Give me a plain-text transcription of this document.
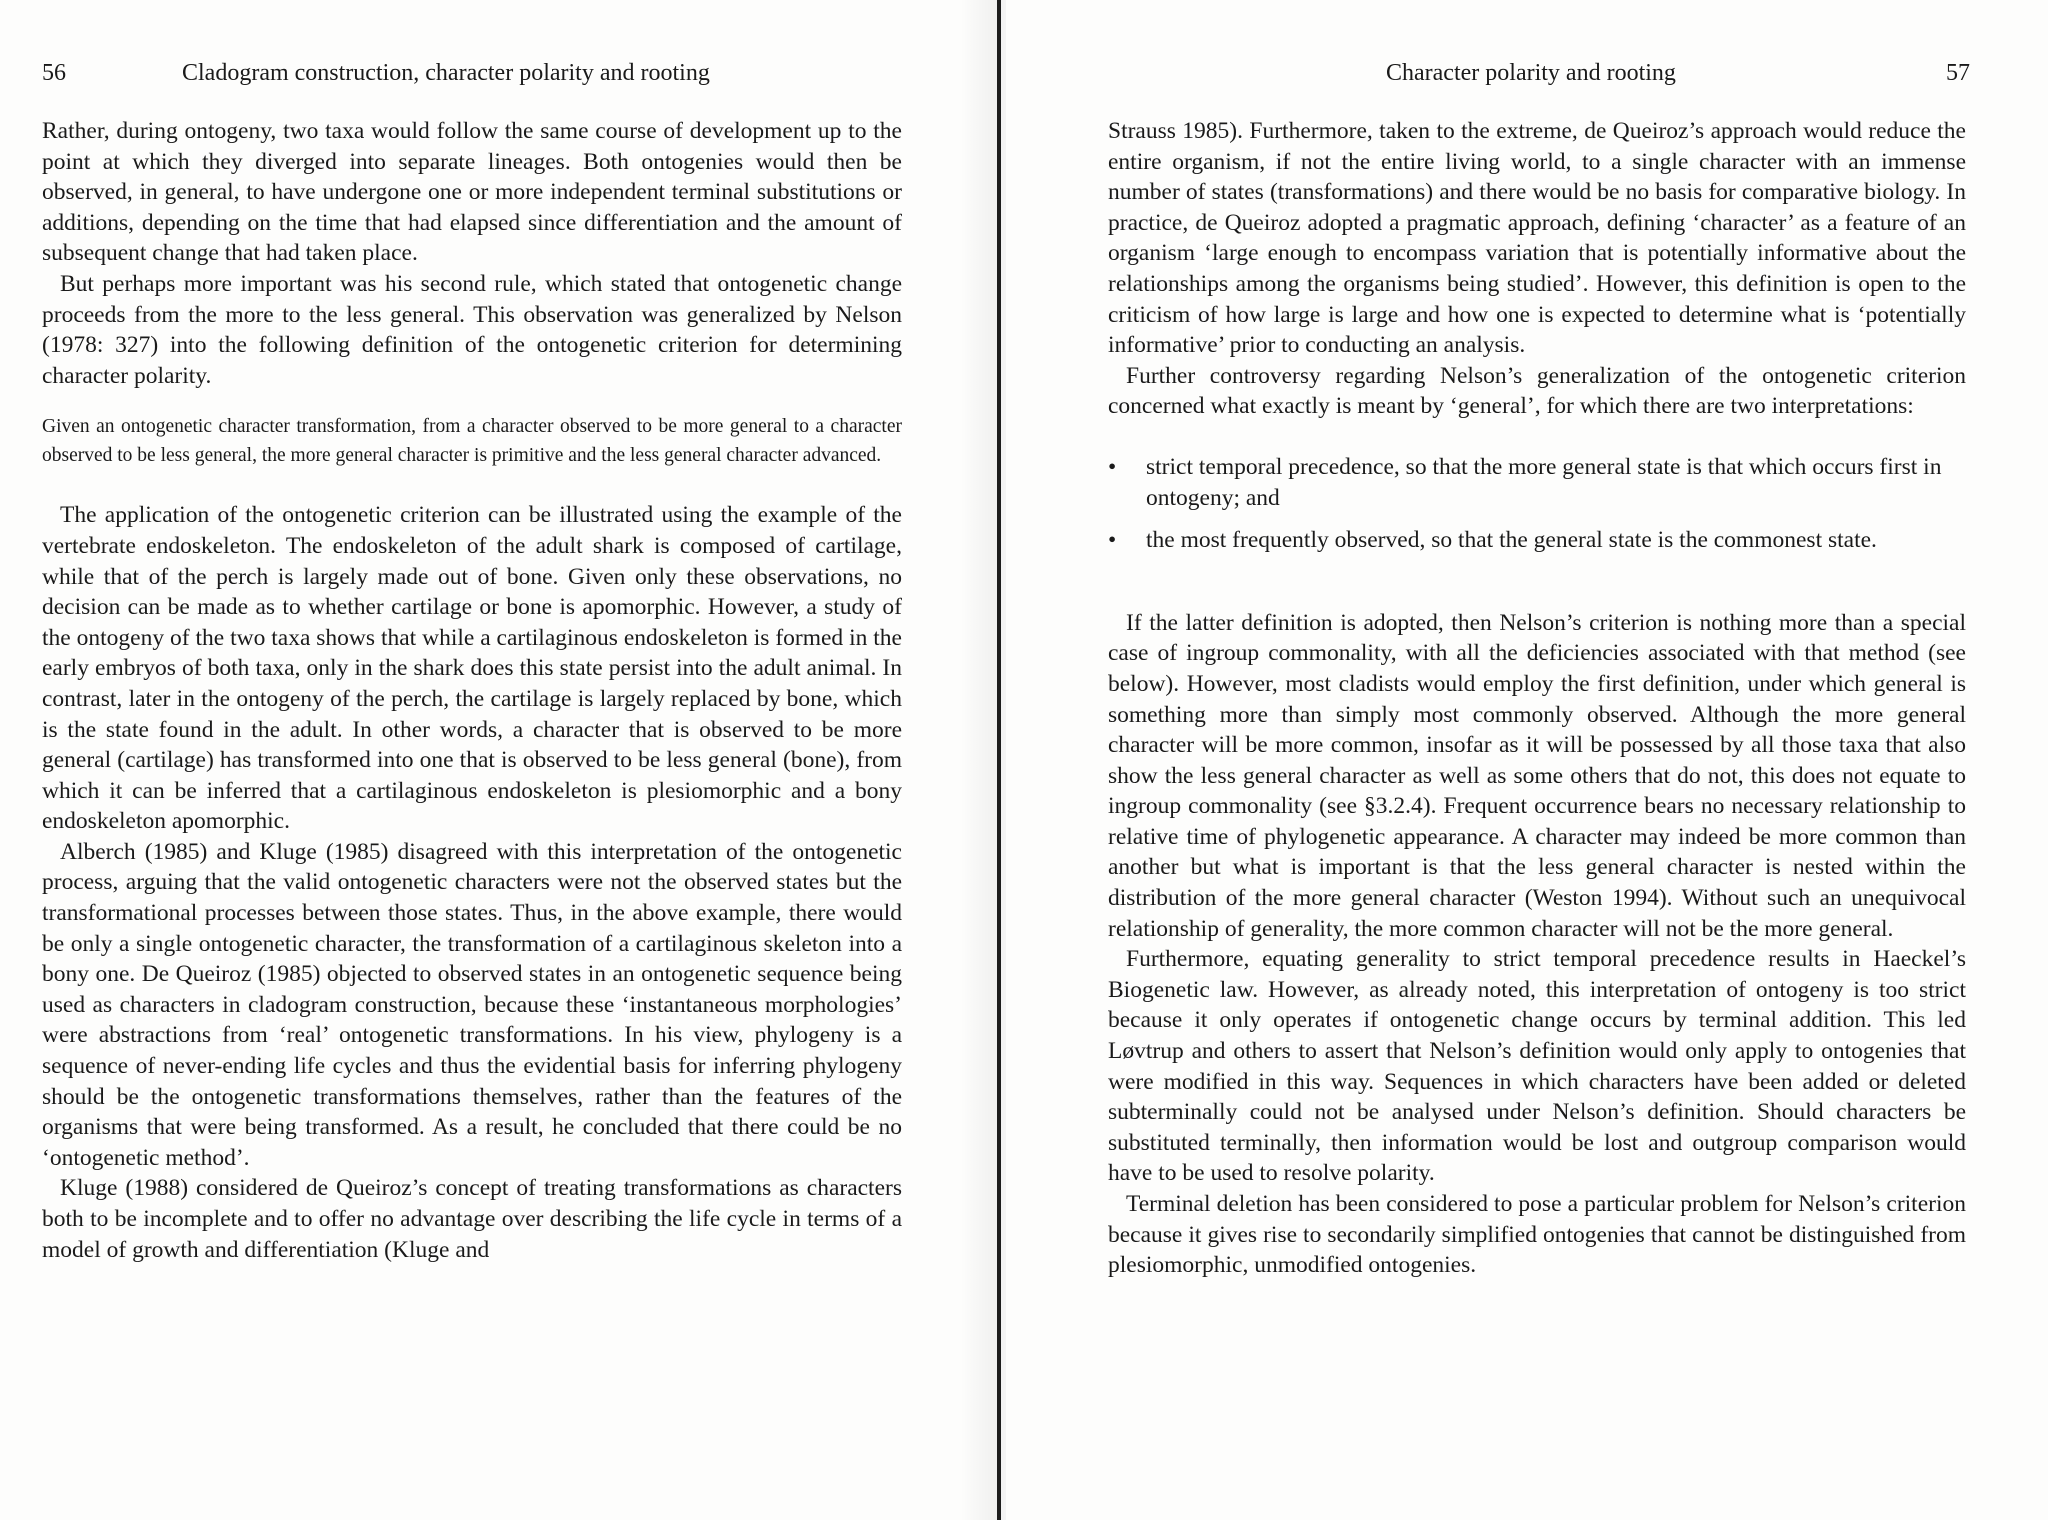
56	Cladogram construction, character polarity and rooting

Rather, during ontogeny, two taxa would follow the same course of development up to the point at which they diverged into separate lineages. Both ontogenies would then be observed, in general, to have undergone one or more independent terminal substitutions or additions, depending on the time that had elapsed since differentiation and the amount of subsequent change that had taken place.

But perhaps more important was his second rule, which stated that ontogenetic change proceeds from the more to the less general. This observation was generalized by Nelson (1978: 327) into the following definition of the ontogenetic criterion for determining character polarity.

Given an ontogenetic character transformation, from a character observed to be more general to a character observed to be less general, the more general character is primitive and the less general character advanced.

The application of the ontogenetic criterion can be illustrated using the example of the vertebrate endoskeleton. The endoskeleton of the adult shark is composed of cartilage, while that of the perch is largely made out of bone. Given only these observations, no decision can be made as to whether cartilage or bone is apomorphic. However, a study of the ontogeny of the two taxa shows that while a cartilaginous endoskeleton is formed in the early embryos of both taxa, only in the shark does this state persist into the adult animal. In contrast, later in the ontogeny of the perch, the cartilage is largely replaced by bone, which is the state found in the adult. In other words, a character that is observed to be more general (cartilage) has transformed into one that is observed to be less general (bone), from which it can be inferred that a cartilaginous endoskeleton is plesiomorphic and a bony endoskeleton apomorphic.

Alberch (1985) and Kluge (1985) disagreed with this interpretation of the ontogenetic process, arguing that the valid ontogenetic characters were not the observed states but the transformational processes between those states. Thus, in the above example, there would be only a single ontogenetic character, the transformation of a cartilaginous skeleton into a bony one. De Queiroz (1985) objected to observed states in an ontogenetic sequence being used as characters in cladogram construction, because these ‘instantaneous morphologies’ were abstractions from ‘real’ ontogenetic transformations. In his view, phylogeny is a sequence of never-ending life cycles and thus the evidential basis for inferring phylogeny should be the ontogenetic transformations themselves, rather than the features of the organisms that were being transformed. As a result, he concluded that there could be no ‘ontogenetic method’.

Kluge (1988) considered de Queiroz’s concept of treating transformations as characters both to be incomplete and to offer no advantage over describing the life cycle in terms of a model of growth and differentiation (Kluge and

Character polarity and rooting	57

Strauss 1985). Furthermore, taken to the extreme, de Queiroz’s approach would reduce the entire organism, if not the entire living world, to a single character with an immense number of states (transformations) and there would be no basis for comparative biology. In practice, de Queiroz adopted a pragmatic approach, defining ‘character’ as a feature of an organism ‘large enough to encompass variation that is potentially informative about the relationships among the organisms being studied’. However, this definition is open to the criticism of how large is large and how one is expected to determine what is ‘potentially informative’ prior to conducting an analysis.

Further controversy regarding Nelson’s generalization of the ontogenetic criterion concerned what exactly is meant by ‘general’, for which there are two interpretations:

• strict temporal precedence, so that the more general state is that which occurs first in ontogeny; and
• the most frequently observed, so that the general state is the commonest state.

If the latter definition is adopted, then Nelson’s criterion is nothing more than a special case of ingroup commonality, with all the deficiencies associated with that method (see below). However, most cladists would employ the first definition, under which general is something more than simply most commonly observed. Although the more general character will be more common, insofar as it will be possessed by all those taxa that also show the less general character as well as some others that do not, this does not equate to ingroup commonality (see §3.2.4). Frequent occurrence bears no necessary relationship to relative time of phylogenetic appearance. A character may indeed be more common than another but what is important is that the less general character is nested within the distribution of the more general character (Weston 1994). Without such an unequivocal relationship of generality, the more common character will not be the more general.

Furthermore, equating generality to strict temporal precedence results in Haeckel’s Biogenetic law. However, as already noted, this interpretation of ontogeny is too strict because it only operates if ontogenetic change occurs by terminal addition. This led Løvtrup and others to assert that Nelson’s definition would only apply to ontogenies that were modified in this way. Sequences in which characters have been added or deleted subterminally could not be analysed under Nelson’s definition. Should characters be substituted terminally, then information would be lost and outgroup comparison would have to be used to resolve polarity.

Terminal deletion has been considered to pose a particular problem for Nelson’s criterion because it gives rise to secondarily simplified ontogenies that cannot be distinguished from plesiomorphic, unmodified ontogenies.
